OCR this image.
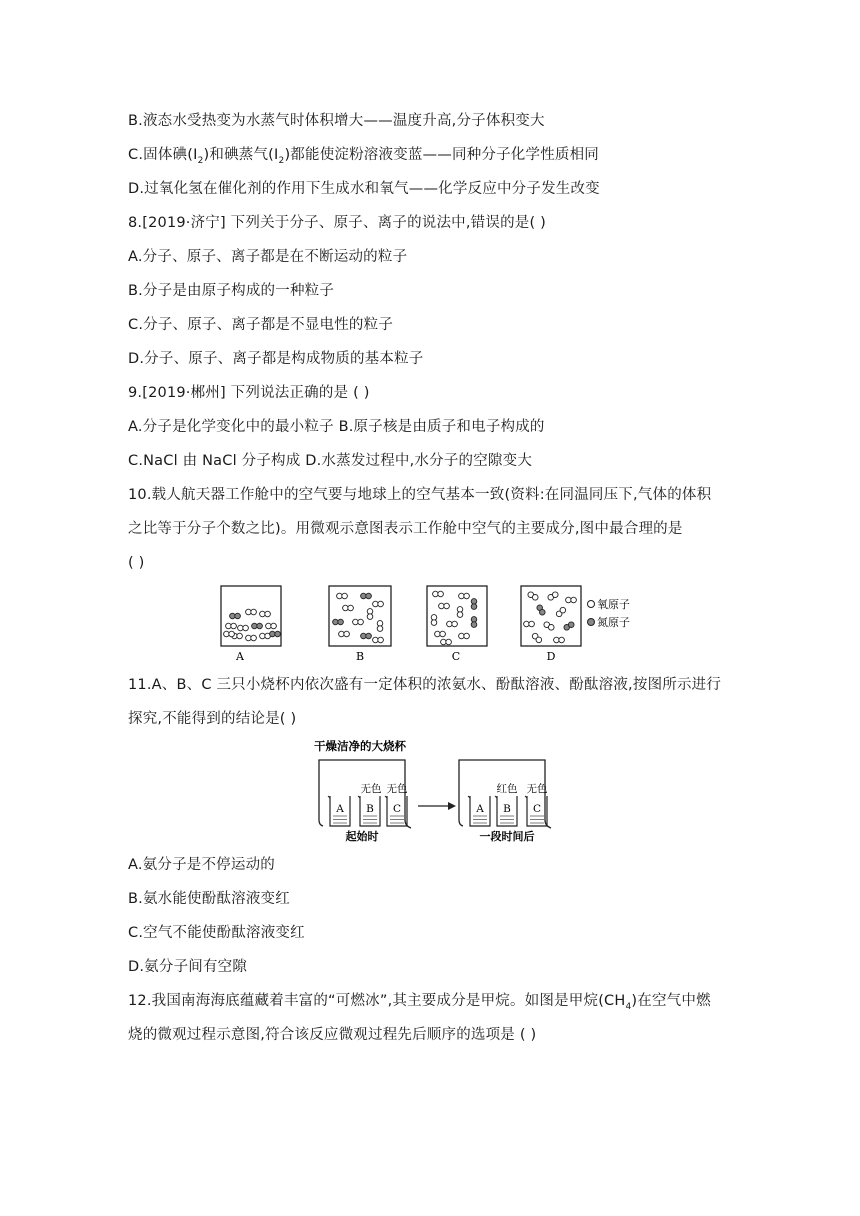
B.液态水受热变为水蒸气时体积增大——温度升高,分子体积变大
C.固体碘$(I_2)$和碘蒸气$(I_2)$都能使淀粉溶液变蓝——同种分子化学性质相同
D.过氧化氢在催化剂的作用下生成水和氧气——化学反应中分子发生改变
8.[2019·济宁] 下列关于分子、原子、离子的说法中,错误的是( )
A.分子、原子、离子都是在不断运动的粒子
B.分子是由原子构成的一种粒子
C.分子、原子、离子都是不显电性的粒子
D.分子、原子、离子都是构成物质的基本粒子
9.[2019·郴州] 下列说法正确的是 ( )
A.分子是化学变化中的最小粒子 B.原子核是由质子和电子构成的
C.NaCl 由 NaCl 分子构成 D.水蒸发过程中,水分子的空隙变大
10.载人航天器工作舱中的空气要与地球上的空气基本一致(资料:在同温同压下,气体的体积
之比等于分子个数之比)。用微观示意图表示工作舱中空气的主要成分,图中最合理的是
( )
A	B	C	D
氧原子
氮原子
11.A、B、C 三只小烧杯内依次盛有一定体积的浓氨水、酚酞溶液、酚酞溶液,按图所示进行
探究,不能得到的结论是( )
干燥洁净的大烧杯
无色 无色
A B C
起始时
红色 无色
A B C
一段时间后
A.氨分子是不停运动的
B.氨水能使酚酞溶液变红
C.空气不能使酚酞溶液变红
D.氨分子间有空隙
12.我国南海海底蕴藏着丰富的“可燃冰”,其主要成分是甲烷。如图是甲烷$(CH_4)$在空气中燃
烧的微观过程示意图,符合该反应微观过程先后顺序的选项是 ( )
